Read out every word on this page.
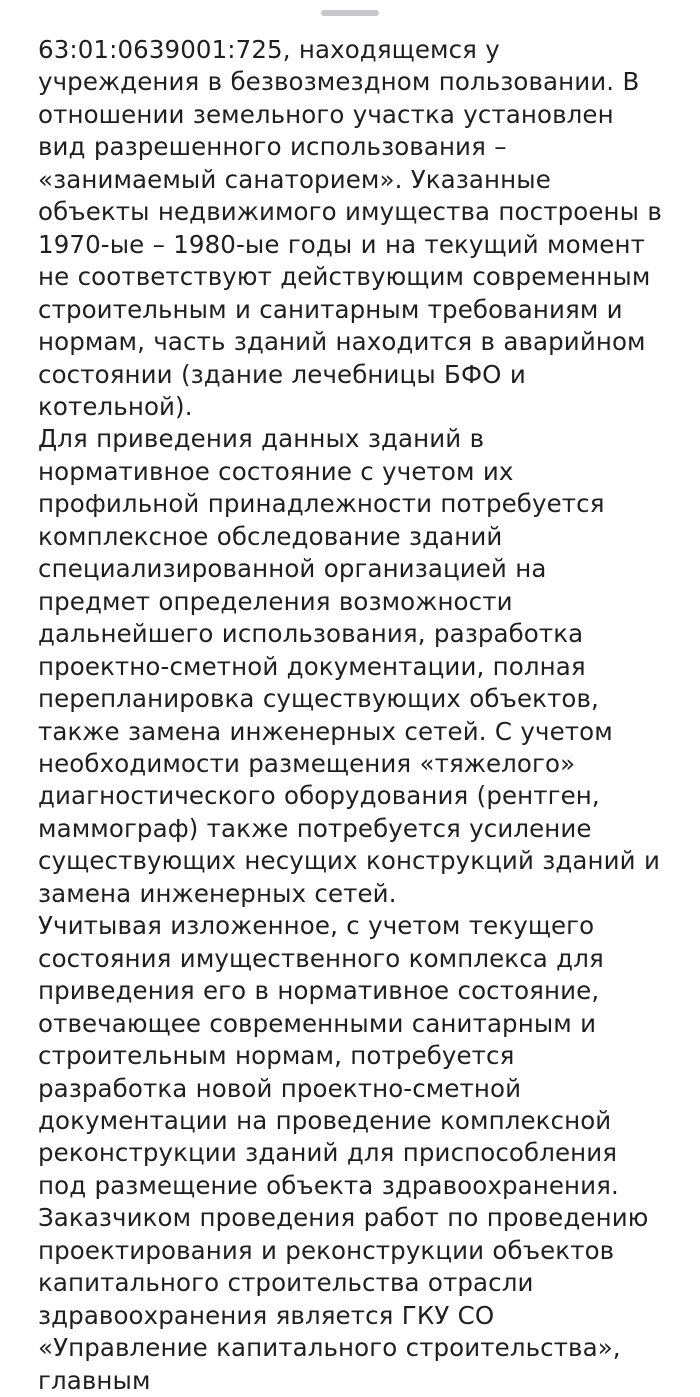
63:01:0639001:725, находящемся у учреждения в безвозмездном пользовании. В отношении земельного участка установлен вид разрешенного использования – «занимаемый санаторием». Указанные объекты недвижимого имущества построены в 1970-ые – 1980-ые годы и на текущий момент не соответствуют действующим современным строительным и санитарным требованиям и нормам, часть зданий находится в аварийном состоянии (здание лечебницы БФО и котельной).

Для приведения данных зданий в нормативное состояние с учетом их профильной принадлежности потребуется комплексное обследование зданий специализированной организацией на предмет определения возможности дальнейшего использования, разработка проектно-сметной документации, полная перепланировка существующих объектов, также замена инженерных сетей. С учетом необходимости размещения «тяжелого» диагностического оборудования (рентген, маммограф) также потребуется усиление существующих несущих конструкций зданий и замена инженерных сетей.

Учитывая изложенное, с учетом текущего состояния имущественного комплекса для приведения его в нормативное состояние, отвечающее современными санитарным и строительным нормам, потребуется разработка новой проектно-сметной документации на проведение комплексной реконструкции зданий для приспособления под размещение объекта здравоохранения.

Заказчиком проведения работ по проведению проектирования и реконструкции объектов капитального строительства отрасли здравоохранения является ГКУ СО «Управление капитального строительства», главным
